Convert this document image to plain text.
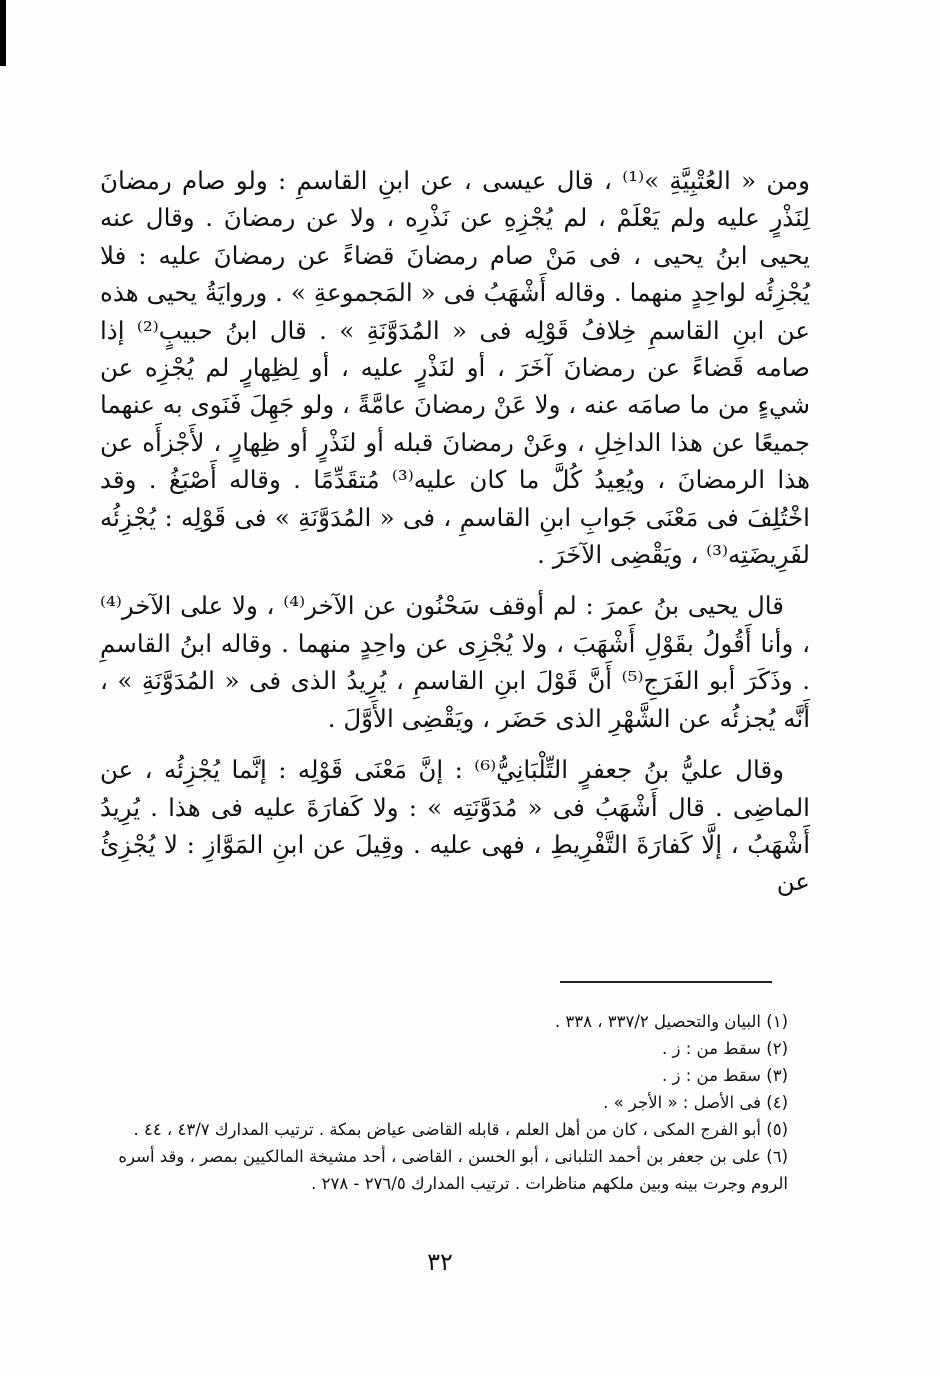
ومن « العُتْبِيَّةِ »⁽¹⁾ ، قال عيسى ، عن ابنِ القاسمِ : ولو صام رمضانَ لِنَذْرٍ عليه ولم يَعْلَمْ ، لم يُجْزِهِ عن نَذْرِه ، ولا عن رمضانَ . وقال عنه يحيى ابنُ يحيى ، فى مَنْ صام رمضانَ قضاءً عن رمضانَ عليه : فلا يُجْزِئُه لواحِدٍ منهما . وقاله أَشْهَبُ فى « المَجموعةِ » . وروايَةُ يحيى هذه عن ابنِ القاسمِ خِلافُ قَوْلِه فى « المُدَوَّنَةِ » . قال ابنُ حبيبٍ⁽²⁾ إذا صامه قَضاءً عن رمضانَ آخَرَ ، أو لنَذْرٍ عليه ، أو لِظِهارٍ لم يُجْزِه عن شيءٍ من ما صامَه عنه ، ولا عَنْ رمضانَ عامَّةً ، ولو جَهِلَ فَنَوى به عنهما جميعًا عن هذا الداخِلِ ، وعَنْ رمضانَ قبله أو لنَذْرٍ أو ظِهارٍ ، لأَجْزأَه عن هذا الرمضانَ ، ويُعِيدُ كُلَّ ما كان عليه⁽³⁾ مُتقَدِّمًا . وقاله أَصْبَغُ . وقد اخْتُلِفَ فى مَعْنَى جَوابِ ابنِ القاسمِ ، فى « المُدَوَّنَةِ » فى قَوْلِه : يُجْزِئُه لفَرِيضَتِه⁽³⁾ ، ويَقْضِى الآخَرَ .

قال يحيى بنُ عمرَ : لم أوقف سَحْنُون عن الآخر⁽⁴⁾ ، ولا على الآخر⁽⁴⁾ ، وأنا أَقُولُ بقَوْلِ أَشْهَبَ ، ولا يُجْزِى عن واحِدٍ منهما . وقاله ابنُ القاسمِ . وذَكَرَ أبو الفَرَجِ⁽⁵⁾ أَنَّ قَوْلَ ابنِ القاسمِ ، يُرِيدُ الذى فى « المُدَوَّنَةِ » ، أَنَّه يُجزئُه عن الشَّهْرِ الذى حَضَر ، ويَقْضِى الأَوَّلَ .

وقال عليُّ بنُ جعفرٍ التِّلْبَانِيُّ⁽⁶⁾ : إنَّ مَعْنَى قَوْلِه : إنَّما يُجْزِئُه ، عن الماضِى . قال أَشْهَبُ فى « مُدَوَّنَتِه » : ولا كَفارَةَ عليه فى هذا . يُرِيدُ أَشْهَبُ ، إلَّا كَفارَةَ التَّفْرِيطِ ، فهى عليه . وقِيلَ عن ابنِ المَوَّازِ : لا يُجْزِئُ عن

(١) البيان والتحصيل ٣٣٧/٢ ، ٣٣٨ .

(٢) سقط من : ز .

(٣) سقط من : ز .

(٤) فى الأصل : « الأجر » .

(٥) أبو الفرج المكى ، كان من أهل العلم ، قابله القاضى عياض بمكة . ترتيب المدارك ٤٣/٧ ، ٤٤ .

(٦) على بن جعفر بن أحمد التلبانى ، أبو الحسن ، القاضى ، أحد مشيخة المالكيين بمصر ، وقد أسره الروم وجرت بينه وبين ملكهم مناظرات . ترتيب المدارك ٢٧٦/٥ - ٢٧٨ .

٣٢
